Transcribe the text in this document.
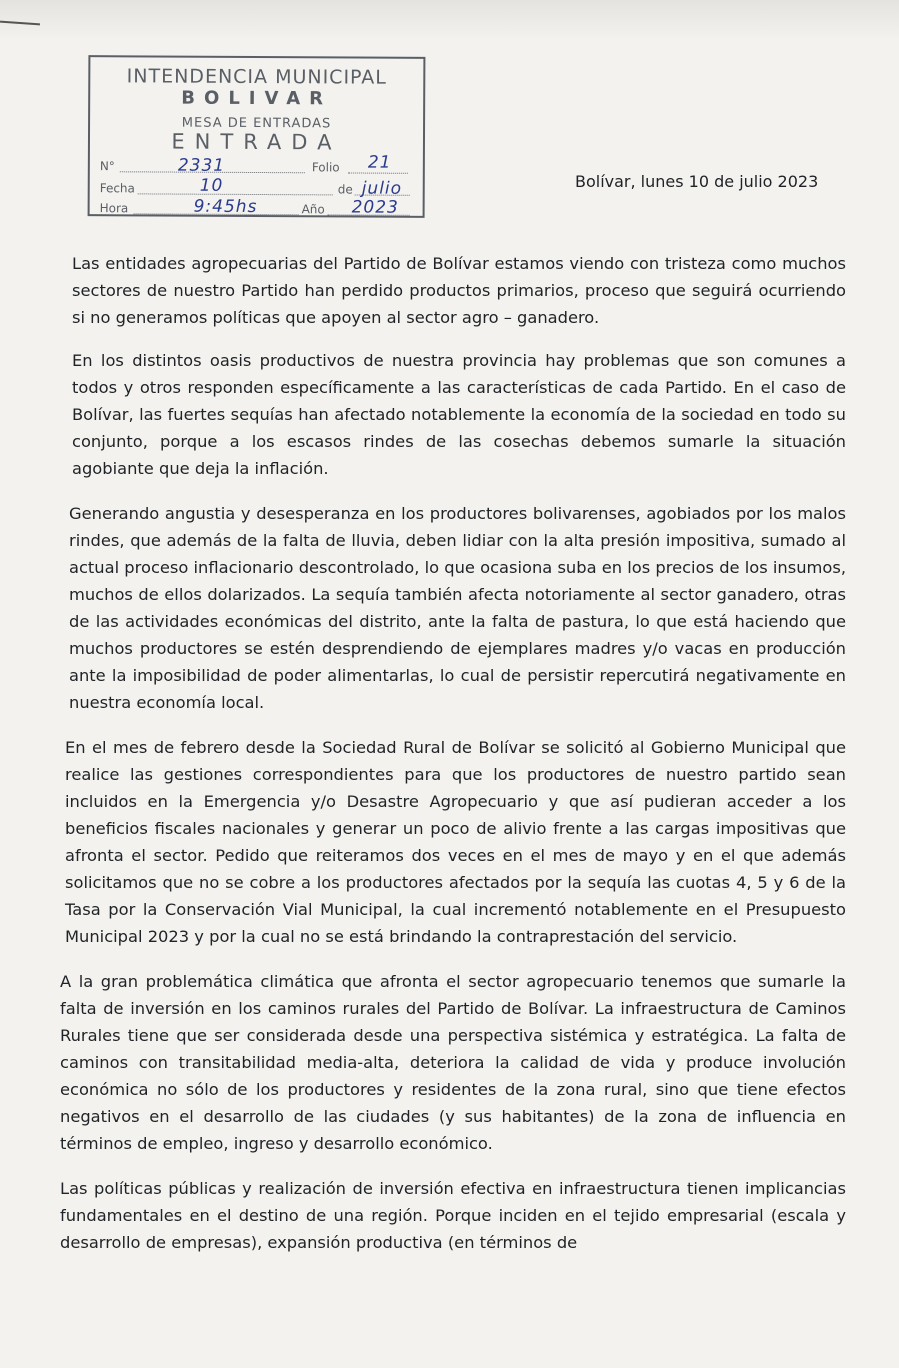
INTENDENCIA MUNICIPAL
BOLIVAR
MESA DE ENTRADAS
ENTRADA
N°	2331	Folio 21
Fecha	10	de julio
Hora	9:45hs	Año 2023
Bolívar, lunes 10 de julio 2023

Las entidades agropecuarias del Partido de Bolívar estamos viendo con tristeza como muchos sectores de nuestro Partido han perdido productos primarios, proceso que seguirá ocurriendo si no generamos políticas que apoyen al sector agro – ganadero.

En los distintos oasis productivos de nuestra provincia hay problemas que son comunes a todos y otros responden específicamente a las características de cada Partido. En el caso de Bolívar, las fuertes sequías han afectado notablemente la economía de la sociedad en todo su conjunto, porque a los escasos rindes de las cosechas debemos sumarle la situación agobiante que deja la inflación.

Generando angustia y desesperanza en los productores bolivarenses, agobiados por los malos rindes, que además de la falta de lluvia, deben lidiar con la alta presión impositiva, sumado al actual proceso inflacionario descontrolado, lo que ocasiona suba en los precios de los insumos, muchos de ellos dolarizados. La sequía también afecta notoriamente al sector ganadero, otras de las actividades económicas del distrito, ante la falta de pastura, lo que está haciendo que muchos productores se estén desprendiendo de ejemplares madres y/o vacas en producción ante la imposibilidad de poder alimentarlas, lo cual de persistir repercutirá negativamente en nuestra economía local.

En el mes de febrero desde la Sociedad Rural de Bolívar se solicitó al Gobierno Municipal que realice las gestiones correspondientes para que los productores de nuestro partido sean incluidos en la Emergencia y/o Desastre Agropecuario y que así pudieran acceder a los beneficios fiscales nacionales y generar un poco de alivio frente a las cargas impositivas que afronta el sector. Pedido que reiteramos dos veces en el mes de mayo y en el que además solicitamos que no se cobre a los productores afectados por la sequía las cuotas 4, 5 y 6 de la Tasa por la Conservación Vial Municipal, la cual incrementó notablemente en el Presupuesto Municipal 2023 y por la cual no se está brindando la contraprestación del servicio.

A la gran problemática climática que afronta el sector agropecuario tenemos que sumarle la falta de inversión en los caminos rurales del Partido de Bolívar. La infraestructura de Caminos Rurales tiene que ser considerada desde una perspectiva sistémica y estratégica. La falta de caminos con transitabilidad media-alta, deteriora la calidad de vida y produce involución económica no sólo de los productores y residentes de la zona rural, sino que tiene efectos negativos en el desarrollo de las ciudades (y sus habitantes) de la zona de influencia en términos de empleo, ingreso y desarrollo económico.

Las políticas públicas y realización de inversión efectiva en infraestructura tienen implicancias fundamentales en el destino de una región. Porque inciden en el tejido empresarial (escala y desarrollo de empresas), expansión productiva (en términos de
